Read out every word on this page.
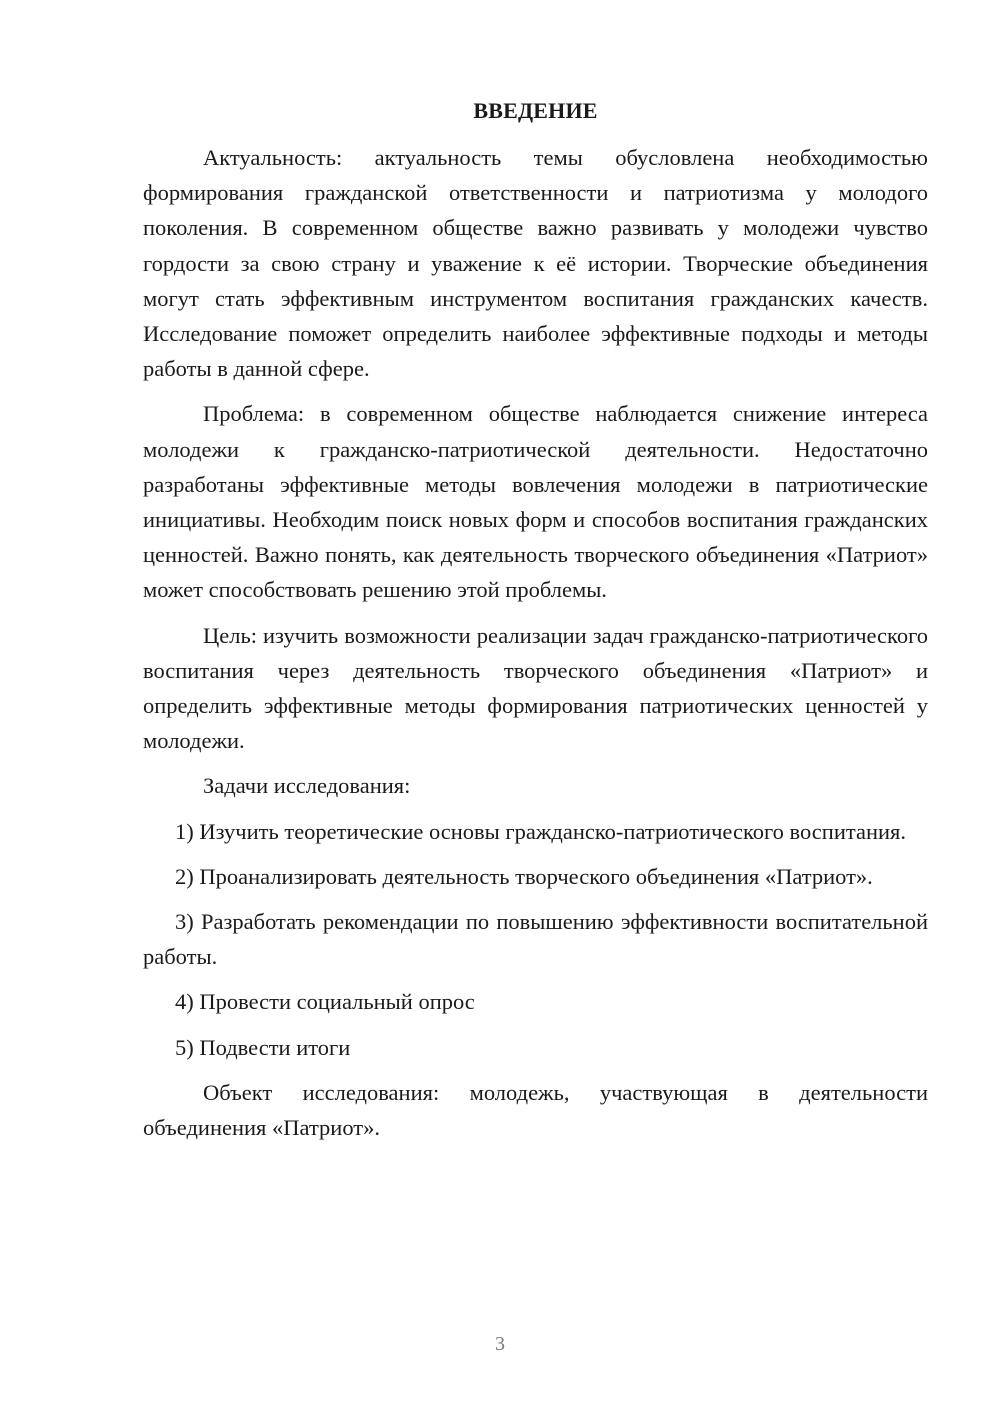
ВВЕДЕНИЕ

Актуальность: актуальность темы обусловлена необходимостью формирования гражданской ответственности и патриотизма у молодого поколения. В современном обществе важно развивать у молодежи чувство гордости за свою страну и уважение к её истории. Творческие объединения могут стать эффективным инструментом воспитания гражданских качеств. Исследование поможет определить наиболее эффективные подходы и методы работы в данной сфере.

Проблема: в современном обществе наблюдается снижение интереса молодежи к гражданско-патриотической деятельности. Недостаточно разработаны эффективные методы вовлечения молодежи в патриотические инициативы. Необходим поиск новых форм и способов воспитания гражданских ценностей. Важно понять, как деятельность творческого объединения «Патриот» может способствовать решению этой проблемы.

Цель: изучить возможности реализации задач гражданско-патриотического воспитания через деятельность творческого объединения «Патриот» и определить эффективные методы формирования патриотических ценностей у молодежи.

Задачи исследования:

1) Изучить теоретические основы гражданско-патриотического воспитания.

2) Проанализировать деятельность творческого объединения «Патриот».

3) Разработать рекомендации по повышению эффективности воспитательной работы.

4) Провести социальный опрос

5) Подвести итоги

Объект исследования: молодежь, участвующая в деятельности объединения «Патриот».

3
